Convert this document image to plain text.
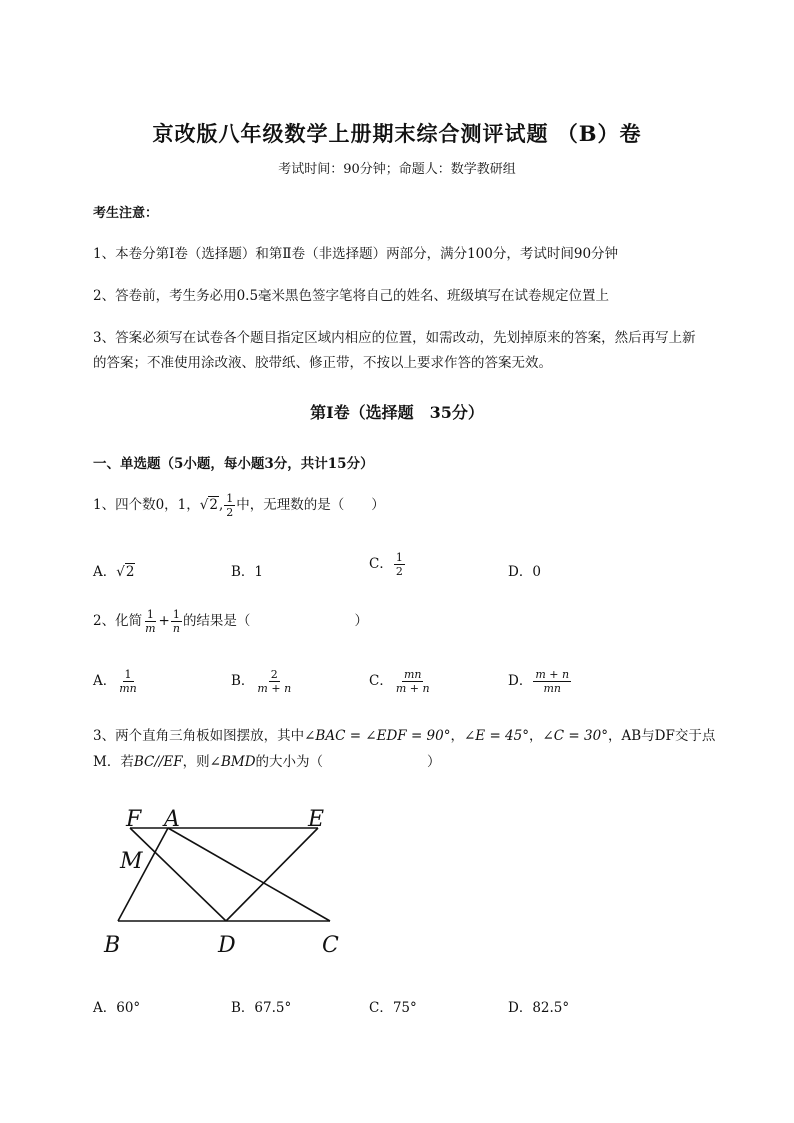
京改版八年级数学上册期末综合测评试题 （B）卷
考试时间：90分钟；命题人：数学教研组
考生注意：
1、本卷分第I卷（选择题）和第Ⅱ卷（非选择题）两部分，满分100分，考试时间90分钟
2、答卷前，考生务必用0.5毫米黑色签字笔将自己的姓名、班级填写在试卷规定位置上
3、答案必须写在试卷各个题目指定区域内相应的位置，如需改动，先划掉原来的答案，然后再写上新
的答案；不准使用涂改液、胶带纸、修正带，不按以上要求作答的答案无效。
第I卷（选择题　35分）
一、单选题（5小题，每小题3分，共计15分）
1、四个数0，1，√2, $\frac{1}{2}$ 中，无理数的是（　　）
A．√2	B．1	C． $\frac{1}{2}$	D．0
2、化简 $\frac{1}{m} + \frac{1}{n}$ 的结果是（	）
A． $\frac{1}{mn}$	B． $\frac{2}{m + n}$	C． $\frac{mn}{m + n}$	D． $\frac{m + n}{mn}$
3、两个直角三角板如图摆放，其中∠BAC = ∠EDF = 90°，∠E = 45°，∠C = 30°，AB与DF交于点
M．若BC//EF，则∠BMD的大小为（	）
F A	E
M
B	D	C
A．60°	B．67.5°	C．75°	D．82.5°
